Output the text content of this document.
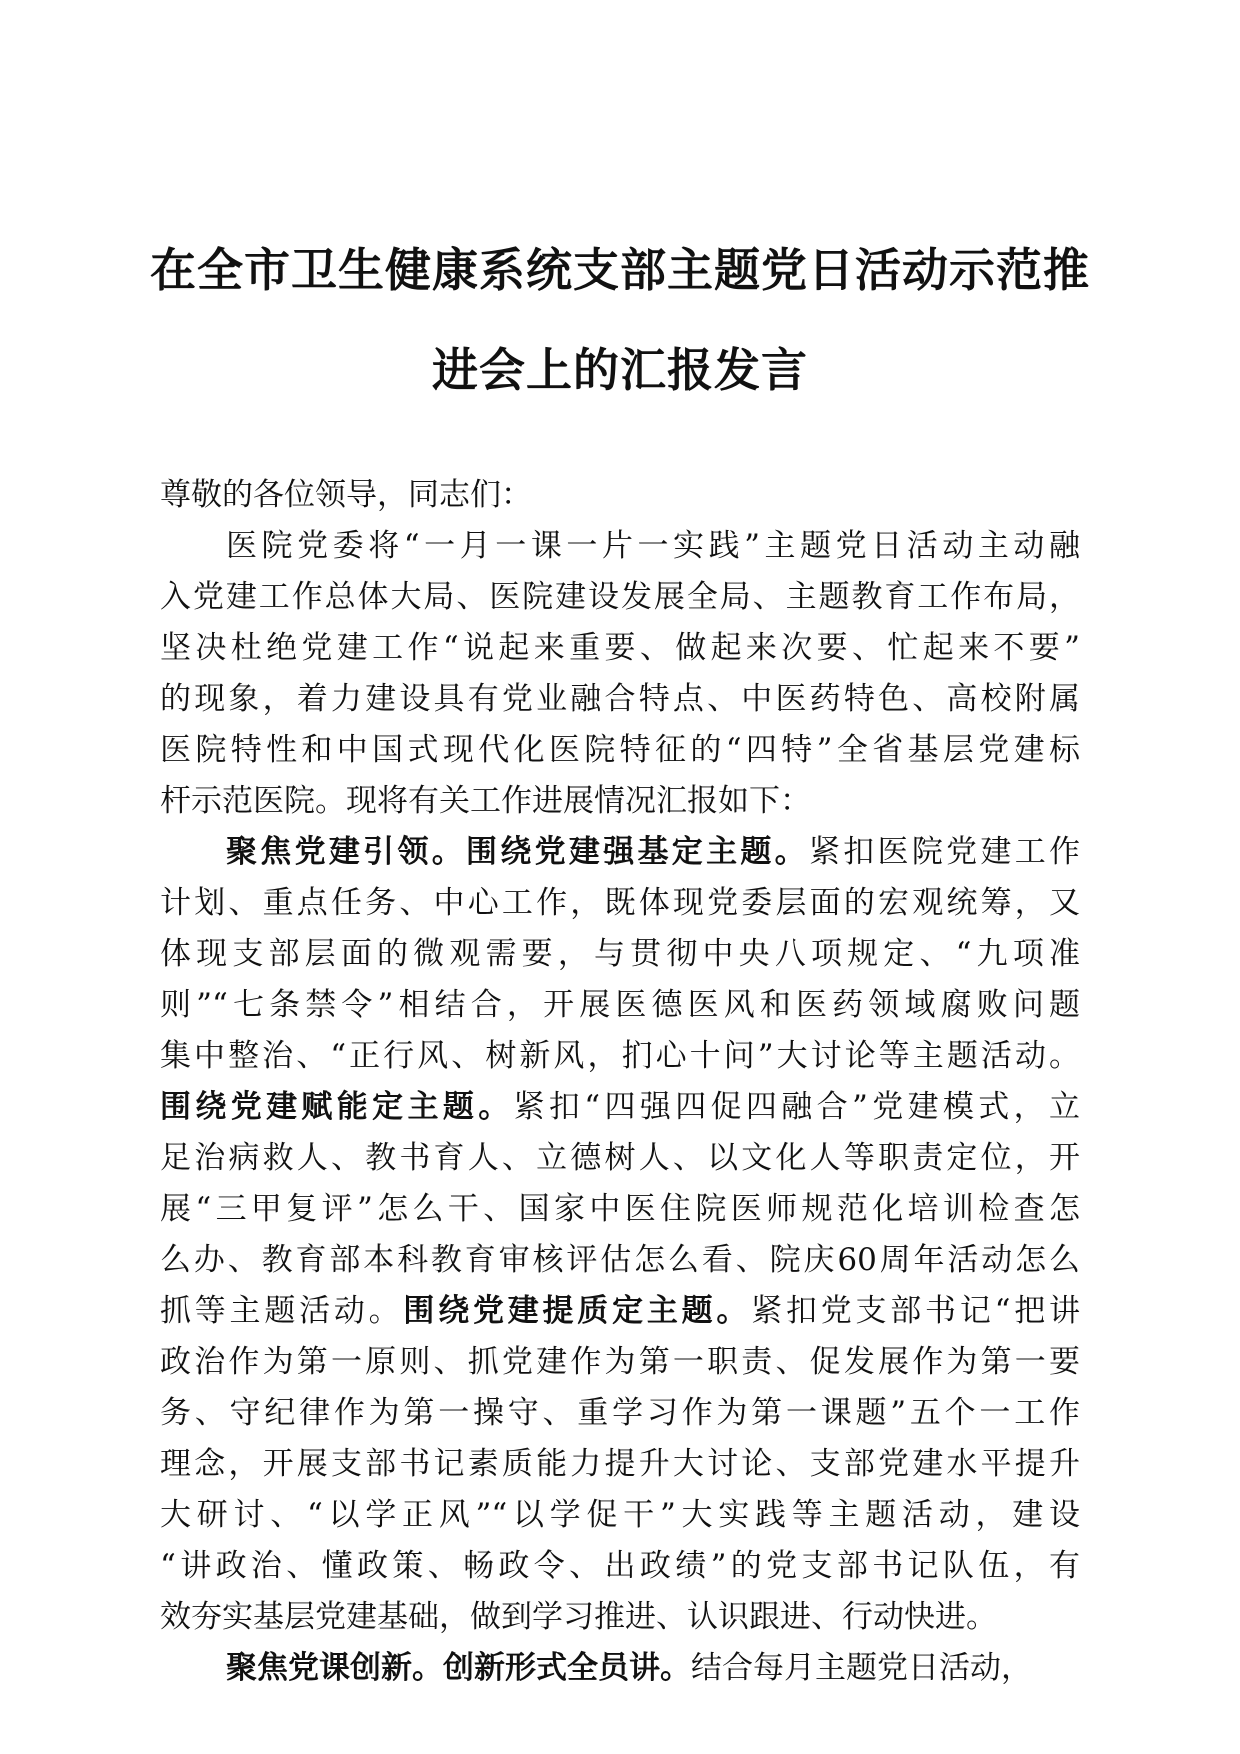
在全市卫生健康系统支部主题党日活动示范推
进会上的汇报发言
尊敬的各位领导，同志们：
医院党委将“一月一课一片一实践”主题党日活动主动融
入党建工作总体大局、医院建设发展全局、主题教育工作布局，
坚决杜绝党建工作“说起来重要、做起来次要、忙起来不要”
的现象，着力建设具有党业融合特点、中医药特色、高校附属
医院特性和中国式现代化医院特征的“四特”全省基层党建标
杆示范医院。现将有关工作进展情况汇报如下：
聚焦党建引领。围绕党建强基定主题。紧扣医院党建工作
计划、重点任务、中心工作，既体现党委层面的宏观统筹，又
体现支部层面的微观需要，与贯彻中央八项规定、“九项准
则”“七条禁令”相结合，开展医德医风和医药领域腐败问题
集中整治、“正行风、树新风，扪心十问”大讨论等主题活动。
围绕党建赋能定主题。紧扣“四强四促四融合”党建模式，立
足治病救人、教书育人、立德树人、以文化人等职责定位，开
展“三甲复评”怎么干、国家中医住院医师规范化培训检查怎
么办、教育部本科教育审核评估怎么看、院庆60周年活动怎么
抓等主题活动。围绕党建提质定主题。紧扣党支部书记“把讲
政治作为第一原则、抓党建作为第一职责、促发展作为第一要
务、守纪律作为第一操守、重学习作为第一课题”五个一工作
理念，开展支部书记素质能力提升大讨论、支部党建水平提升
大研讨、“以学正风”“以学促干”大实践等主题活动，建设
“讲政治、懂政策、畅政令、出政绩”的党支部书记队伍，有
效夯实基层党建基础，做到学习推进、认识跟进、行动快进。
聚焦党课创新。创新形式全员讲。结合每月主题党日活动，
